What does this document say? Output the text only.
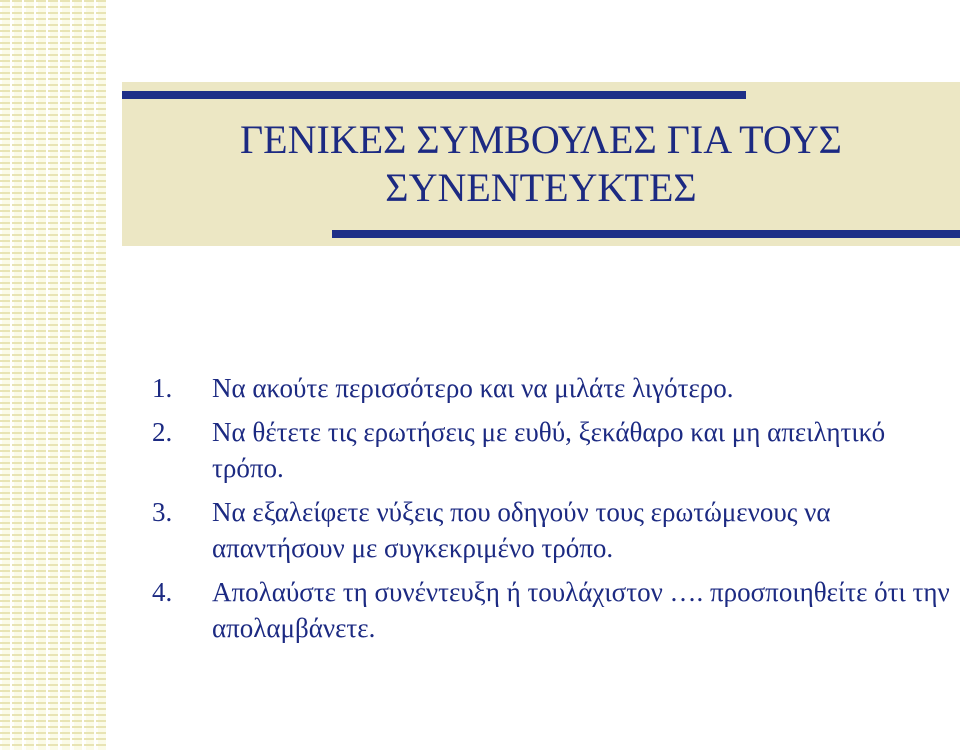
ΓΕΝΙΚΕΣ ΣΥΜΒΟΥΛΕΣ ΓΙΑ ΤΟΥΣ ΣΥΝΕΝΤΕΥΚΤΕΣ
1.	Να ακούτε περισσότερο και να μιλάτε λιγότερο.
2.	Να θέτετε τις ερωτήσεις με ευθύ, ξεκάθαρο και μη απειλητικό τρόπο.
3.	Να εξαλείφετε νύξεις που οδηγούν τους ερωτώμενους να απαντήσουν με συγκεκριμένο τρόπο.
4.	Απολαύστε τη συνέντευξη ή τουλάχιστον …. προσποιηθείτε ότι την απολαμβάνετε.
